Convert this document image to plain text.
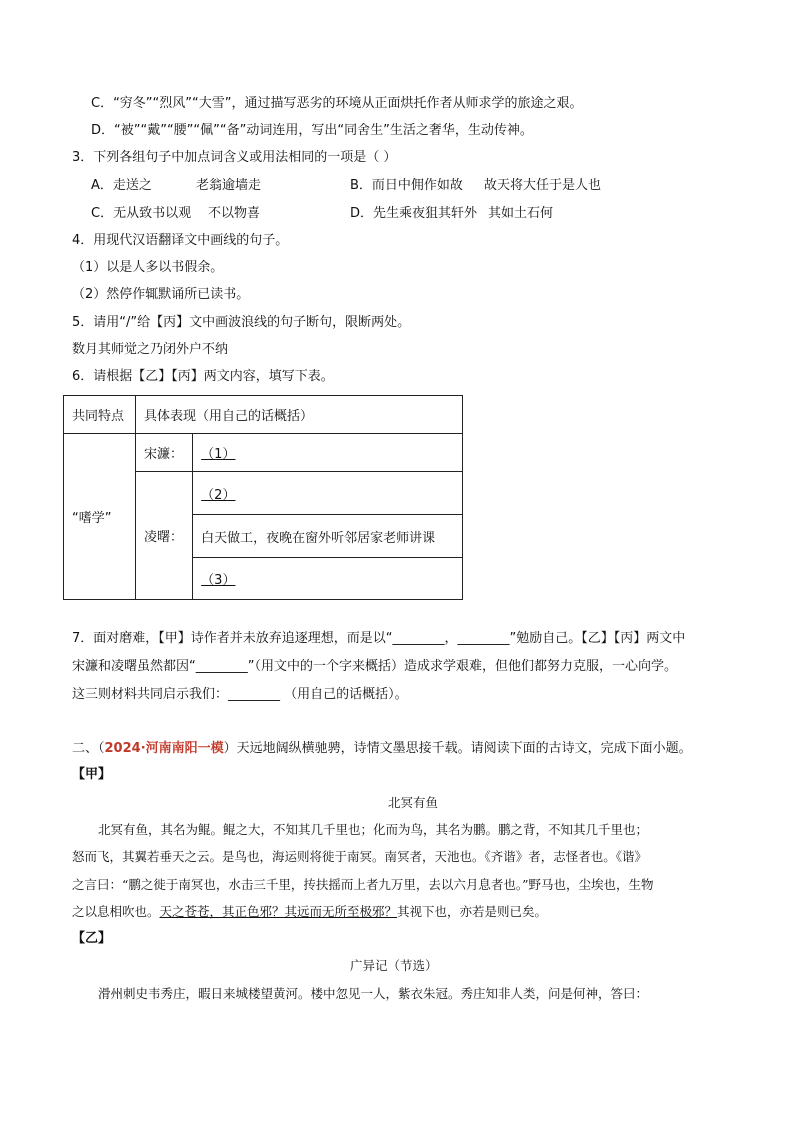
C．“穷冬”“烈风”“大雪”，通过描写恶劣的环境从正面烘托作者从师求学的旅途之艰。
D．“被”“戴”“腰”“佩”“备”动词连用，写出“同舍生”生活之奢华，生动传神。
3．下列各组句子中加点词含义或用法相同的一项是（ ）
A．走送之	老翁逾墙走	B．而日中佣作如故 故天将大任于是人也
C．无从致书以观 不以物喜	D．先生乘夜狙其轩外 其如土石何
4．用现代汉语翻译文中画线的句子。
（1）以是人多以书假余。
（2）然停作辄默诵所已读书。
5．请用“/”给【丙】文中画波浪线的句子断句，限断两处。
数月其师觉之乃闭外户不纳
6．请根据【乙】【丙】两文内容，填写下表。
共同特点	具体表现（用自己的话概括）	
“嗜学”	宋濂：	（1）
	凌曙：	（2）
		白天做工，夜晚在窗外听邻居家老师讲课
		（3）
7．面对磨难，【甲】诗作者并未放弃追逐理想，而是以“________，________”勉励自己。【乙】【丙】两文中
宋濂和凌曙虽然都因“________”（用文中的一个字来概括）造成求学艰难，但他们都努力克服，一心向学。
这三则材料共同启示我们：________ （用自己的话概括）。
二、（2024·河南南阳一模）天远地阔纵横驰骋，诗情文墨思接千载。请阅读下面的古诗文，完成下面小题。
【甲】
北冥有鱼
北冥有鱼，其名为鲲。鲲之大，不知其几千里也；化而为鸟，其名为鹏。鹏之背，不知其几千里也；
怒而飞，其翼若垂天之云。是鸟也，海运则将徙于南冥。南冥者，天池也。《齐谐》者，志怪者也。《谐》
之言曰：“鹏之徙于南冥也，水击三千里，抟扶摇而上者九万里，去以六月息者也。”野马也，尘埃也，生物
之以息相吹也。天之苍苍，其正色邪？其远而无所至极邪？其视下也，亦若是则已矣。
【乙】
广异记（节选）
滑州刺史韦秀庄，暇日来城楼望黄河。楼中忽见一人，紫衣朱冠。秀庄知非人类，问是何神，答曰：
